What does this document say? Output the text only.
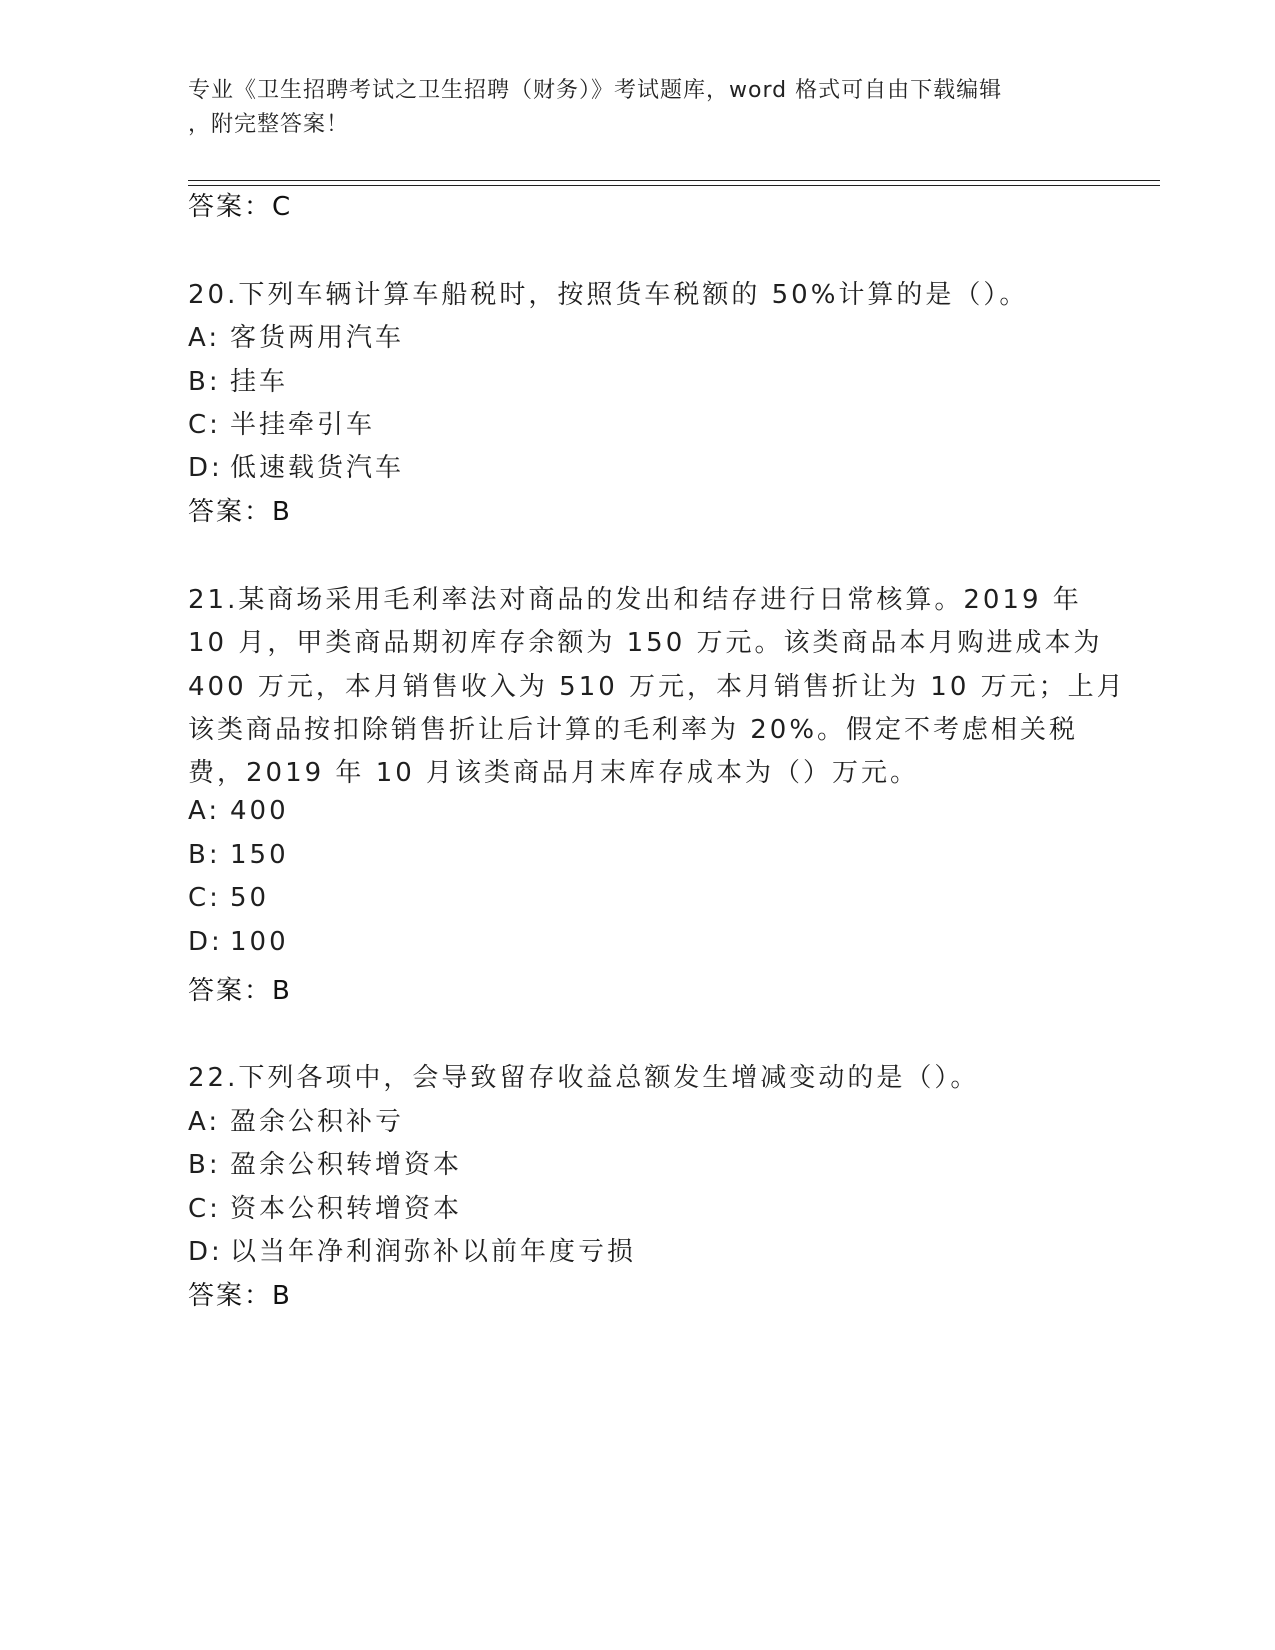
专业《卫生招聘考试之卫生招聘（财务）》考试题库，word 格式可自由下载编辑
，附完整答案！
答案：C
20.下列车辆计算车船税时，按照货车税额的 50%计算的是（）。
A: 客货两用汽车
B: 挂车
C: 半挂牵引车
D: 低速载货汽车
答案：B
21.某商场采用毛利率法对商品的发出和结存进行日常核算。2019 年
10 月，甲类商品期初库存余额为 150 万元。该类商品本月购进成本为
400 万元，本月销售收入为 510 万元，本月销售折让为 10 万元；上月
该类商品按扣除销售折让后计算的毛利率为 20%。假定不考虑相关税
费，2019 年 10 月该类商品月末库存成本为（）万元。
A: 400
B: 150
C: 50
D: 100
答案：B
22.下列各项中，会导致留存收益总额发生增减变动的是（）。
A: 盈余公积补亏
B: 盈余公积转增资本
C: 资本公积转增资本
D: 以当年净利润弥补以前年度亏损
答案：B
